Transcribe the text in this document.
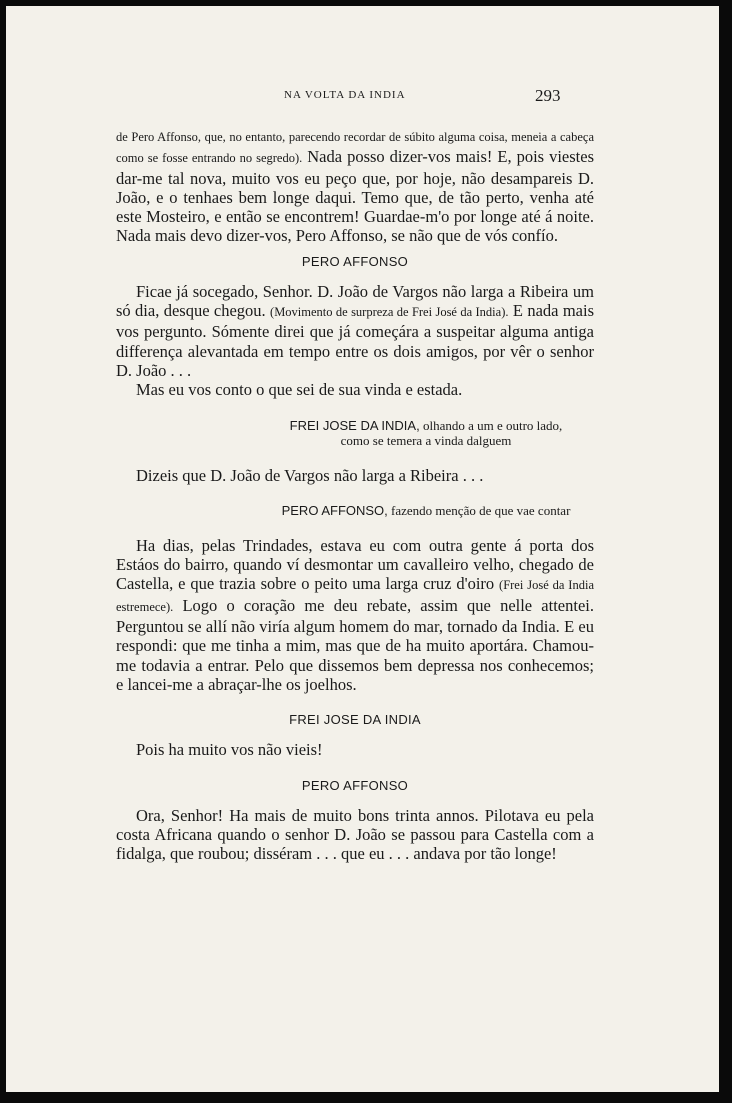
NA VOLTA DA INDIA	293

de Pero Affonso, que, no entanto, parecendo recordar de súbito alguma coisa, meneia a cabeça como se fosse entrando no segredo). Nada posso dizer-vos mais! E, pois viestes dar-me tal nova, muito vos eu peço que, por hoje, não desampareis D. João, e o tenhaes bem longe daqui. Temo que, de tão perto, venha até este Mosteiro, e então se encontrem! Guardae-m'o por longe até á noite. Nada mais devo dizer-vos, Pero Affonso, se não que de vós confío.

PERO AFFONSO

Ficae já socegado, Senhor. D. João de Vargos não larga a Ribeira um só dia, desque chegou. (Movimento de surpreza de Frei José da India). E nada mais vos pergunto. Sómente direi que já começára a suspeitar alguma antiga differença alevantada em tempo entre os dois amigos, por vêr o senhor D. João . . .

Mas eu vos conto o que sei de sua vinda e estada.

FREI JOSE DA INDIA, olhando a um e outro lado, como se temera a vinda dalguem

Dizeis que D. João de Vargos não larga a Ribeira . . .

PERO AFFONSO, fazendo menção de que vae contar

Ha dias, pelas Trindades, estava eu com outra gente á porta dos Estáos do bairro, quando ví desmontar um cavalleiro velho, chegado de Castella, e que trazia sobre o peito uma larga cruz d'oiro (Frei José da India estremece). Logo o coração me deu rebate, assim que nelle attentei. Perguntou se allí não viría algum homem do mar, tornado da India. E eu respondi: que me tinha a mim, mas que de ha muito aportára. Chamou-me todavia a entrar. Pelo que dissemos bem depressa nos conhecemos; e lancei-me a abraçar-lhe os joelhos.

FREI JOSE DA INDIA

Pois ha muito vos não vieis!

PERO AFFONSO

Ora, Senhor! Ha mais de muito bons trinta annos. Pilotava eu pela costa Africana quando o senhor D. João se passou para Castella com a fidalga, que roubou; disséram . . . que eu . . . andava por tão longe!
